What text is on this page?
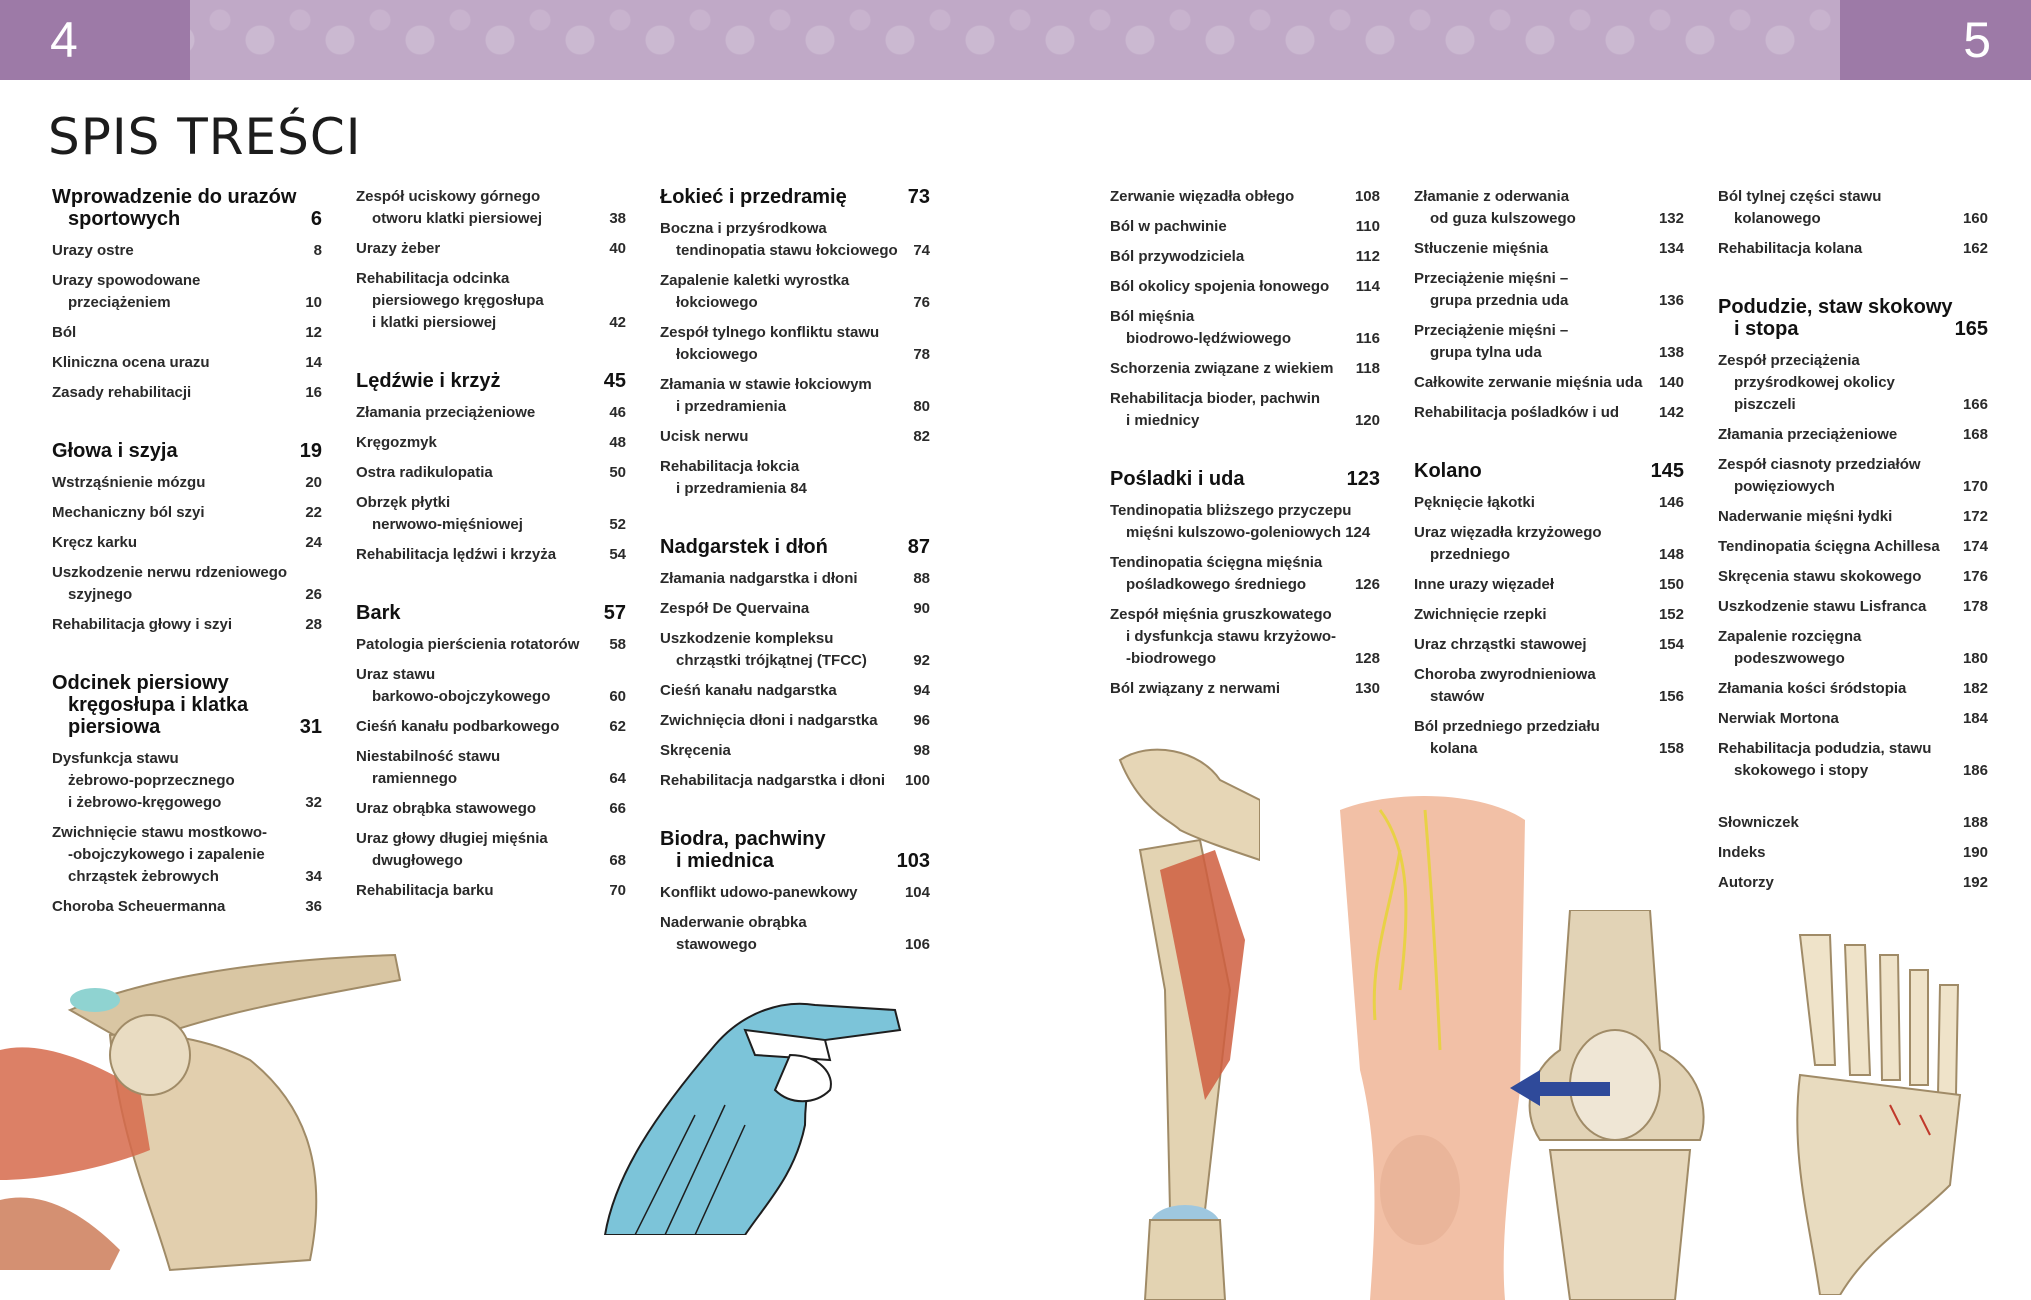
4	5
SPIS TREŚCI
Wprowadzenie do urazów
sportowych	6
Urazy ostre	8
Urazy spowodowane
przeciążeniem	10
Ból	12
Kliniczna ocena urazu	14
Zasady rehabilitacji	16
Głowa i szyja	19
Wstrząśnienie mózgu	20
Mechaniczny ból szyi	22
Kręcz karku	24
Uszkodzenie nerwu rdzeniowego
szyjnego	26
Rehabilitacja głowy i szyi	28
Odcinek piersiowy
kręgosłupa i klatka
piersiowa	31
Dysfunkcja stawu
żebrowo-poprzecznego
i żebrowo-kręgowego	32
Zwichnięcie stawu mostkowo-
-obojczykowego i zapalenie
chrząstek żebrowych	34
Choroba Scheuermanna	36
Zespół uciskowy górnego
otworu klatki piersiowej	38
Urazy żeber	40
Rehabilitacja odcinka
piersiowego kręgosłupa
i klatki piersiowej	42
Lędźwie i krzyż	45
Złamania przeciążeniowe	46
Kręgozmyk	48
Ostra radikulopatia	50
Obrzęk płytki
nerwowo-mięśniowej	52
Rehabilitacja lędźwi i krzyża	54
Bark	57
Patologia pierścienia rotatorów	58
Uraz stawu
barkowo-obojczykowego	60
Cieśń kanału podbarkowego	62
Niestabilność stawu
ramiennego	64
Uraz obrąbka stawowego	66
Uraz głowy długiej mięśnia
dwugłowego	68
Rehabilitacja barku	70
Łokieć i przedramię	73
Boczna i przyśrodkowa
tendinopatia stawu łokciowego	74
Zapalenie kaletki wyrostka
łokciowego	76
Zespół tylnego konfliktu stawu
łokciowego	78
Złamania w stawie łokciowym
i przedramienia	80
Ucisk nerwu	82
Rehabilitacja łokcia
i przedramienia 84
Nadgarstek i dłoń	87
Złamania nadgarstka i dłoni	88
Zespół De Quervaina	90
Uszkodzenie kompleksu
chrząstki trójkątnej (TFCC)	92
Cieśń kanału nadgarstka	94
Zwichnięcia dłoni i nadgarstka	96
Skręcenia	98
Rehabilitacja nadgarstka i dłoni	100
Biodra, pachwiny
i miednica	103
Konflikt udowo-panewkowy	104
Naderwanie obrąbka
stawowego	106
Zerwanie więzadła obłego	108
Ból w pachwinie	110
Ból przywodziciela	112
Ból okolicy spojenia łonowego	114
Ból mięśnia
biodrowo-lędźwiowego	116
Schorzenia związane z wiekiem	118
Rehabilitacja bioder, pachwin
i miednicy	120
Pośladki i uda	123
Tendinopatia bliższego przyczepu
mięśni kulszowo-goleniowych 124
Tendinopatia ścięgna mięśnia
pośladkowego średniego	126
Zespół mięśnia gruszkowatego
i dysfunkcja stawu krzyżowo-
-biodrowego	128
Ból związany z nerwami	130
Złamanie z oderwania
od guza kulszowego	132
Stłuczenie mięśnia	134
Przeciążenie mięśni –
grupa przednia uda	136
Przeciążenie mięśni –
grupa tylna uda	138
Całkowite zerwanie mięśnia uda	140
Rehabilitacja pośladków i ud	142
Kolano	145
Pęknięcie łąkotki	146
Uraz więzadła krzyżowego
przedniego	148
Inne urazy więzadeł	150
Zwichnięcie rzepki	152
Uraz chrząstki stawowej	154
Choroba zwyrodnieniowa
stawów	156
Ból przedniego przedziału
kolana	158
Ból tylnej części stawu
kolanowego	160
Rehabilitacja kolana	162
Podudzie, staw skokowy
i stopa	165
Zespół przeciążenia
przyśrodkowej okolicy piszczeli	166
Złamania przeciążeniowe	168
Zespół ciasnoty przedziałów
powięziowych	170
Naderwanie mięśni łydki	172
Tendinopatia ścięgna Achillesa	174
Skręcenia stawu skokowego	176
Uszkodzenie stawu Lisfranca	178
Zapalenie rozcięgna
podeszwowego	180
Złamania kości śródstopia	182
Nerwiak Mortona	184
Rehabilitacja podudzia, stawu
skokowego i stopy	186
Słowniczek	188
Indeks	190
Autorzy	192
